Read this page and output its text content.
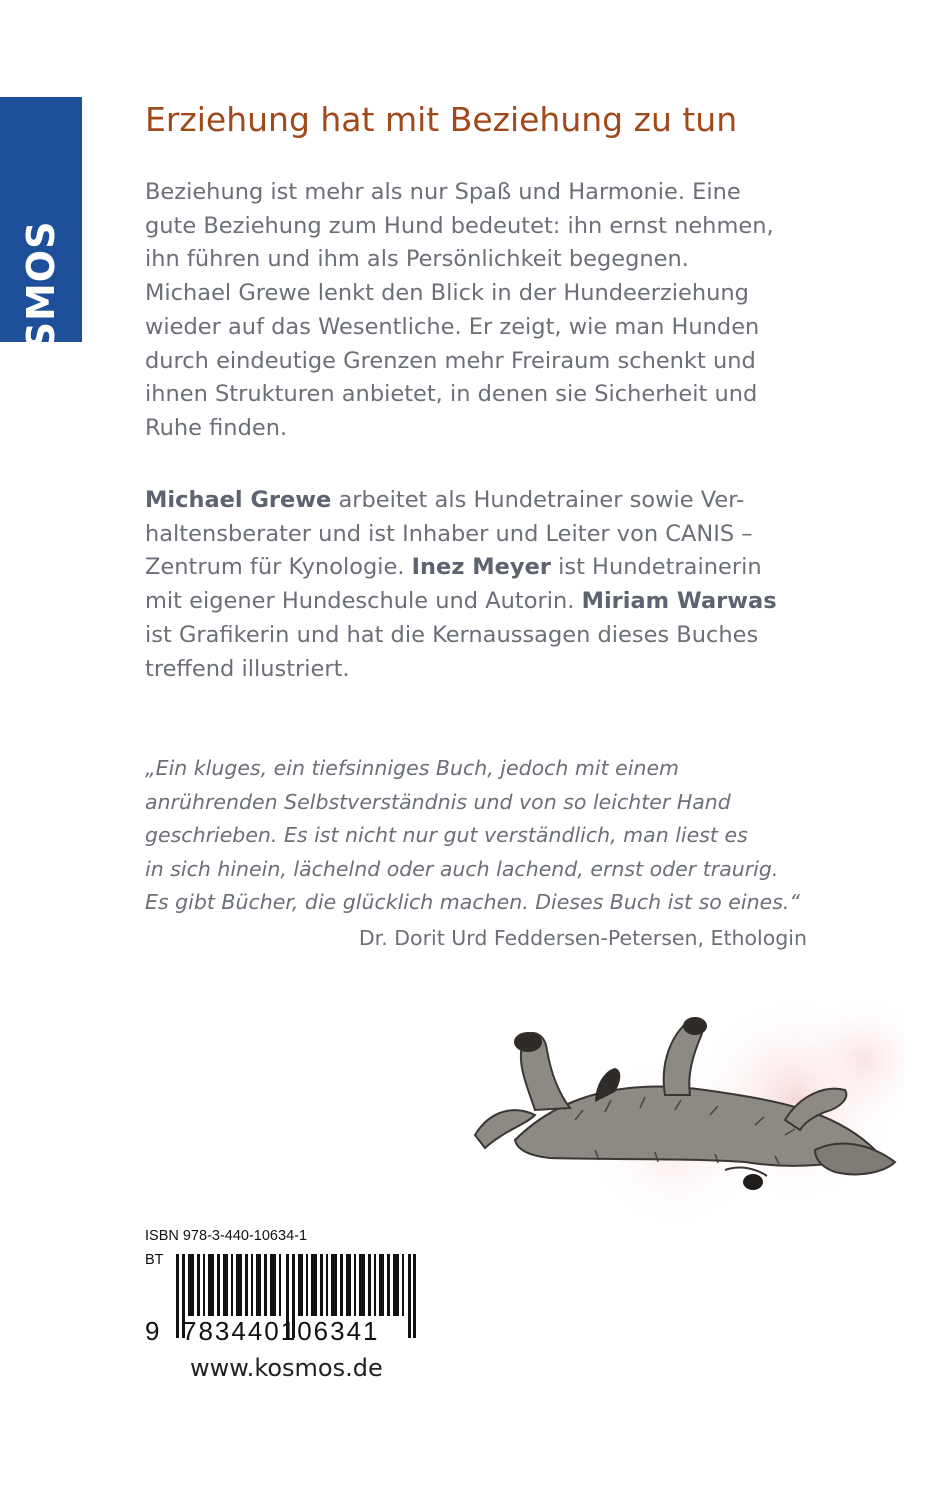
KOSMOS
Erziehung hat mit Beziehung zu tun

Beziehung ist mehr als nur Spaß und Harmonie. Eine
gute Beziehung zum Hund bedeutet: ihn ernst nehmen,
ihn führen und ihm als Persönlichkeit begegnen.
Michael Grewe lenkt den Blick in der Hundeerziehung
wieder auf das Wesentliche. Er zeigt, wie man Hunden
durch eindeutige Grenzen mehr Freiraum schenkt und
ihnen Strukturen anbietet, in denen sie Sicherheit und
Ruhe finden.

Michael Grewe arbeitet als Hundetrainer sowie Ver-
haltensberater und ist Inhaber und Leiter von CANIS –
Zentrum für Kynologie. Inez Meyer ist Hundetrainerin
mit eigener Hundeschule und Autorin. Miriam Warwas
ist Grafikerin und hat die Kernaussagen dieses Buches
treffend illustriert.

„Ein kluges, ein tiefsinniges Buch, jedoch mit einem
anrührenden Selbstverständnis und von so leichter Hand
geschrieben. Es ist nicht nur gut verständlich, man liest es
in sich hinein, lächelnd oder auch lachend, ernst oder traurig.
Es gibt Bücher, die glücklich machen. Dieses Buch ist so eines.“

Dr. Dorit Urd Feddersen-Petersen, Ethologin
ISBN 978-3-440-10634-1
BT
9 783440106341
www.kosmos.de
